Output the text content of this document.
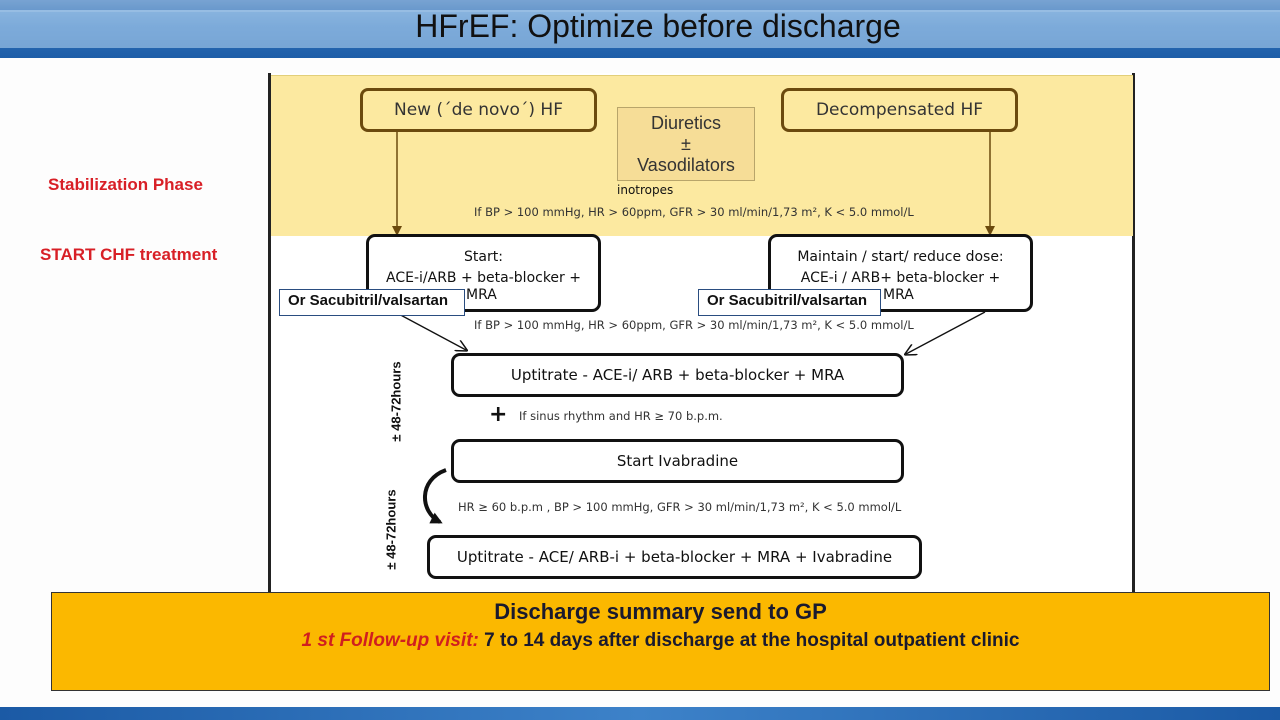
HFrEF: Optimize before discharge
Stabilization Phase
START CHF treatment
New (´de novo´) HF	Decompensated HF
Diuretics
±
Vasodilators
inotropes
If BP > 100 mmHg, HR > 60ppm, GFR > 30 ml/min/1,73 m², K < 5.0 mmol/L
Start:
ACE-i/ARB + beta-blocker +
Maintain / start/ reduce dose:
ACE-i / ARB+ beta-blocker +
Or Sacubitril/valsartan	MRA	Or Sacubitril/valsartan	MRA
If BP > 100 mmHg, HR > 60ppm, GFR > 30 ml/min/1,73 m², K < 5.0 mmol/L
Uptitrate - ACE-i/ ARB + beta-blocker + MRA
+ If sinus rhythm and HR ≥ 70 b.p.m.
Start Ivabradine
HR ≥ 60 b.p.m , BP > 100 mmHg, GFR > 30 ml/min/1,73 m², K < 5.0 mmol/L
Uptitrate - ACE/ ARB-i + beta-blocker + MRA + Ivabradine
± 48-72hours
± 48-72hours
Discharge summary send to GP
1 st Follow-up visit: 7 to 14 days after discharge at the hospital outpatient clinic
